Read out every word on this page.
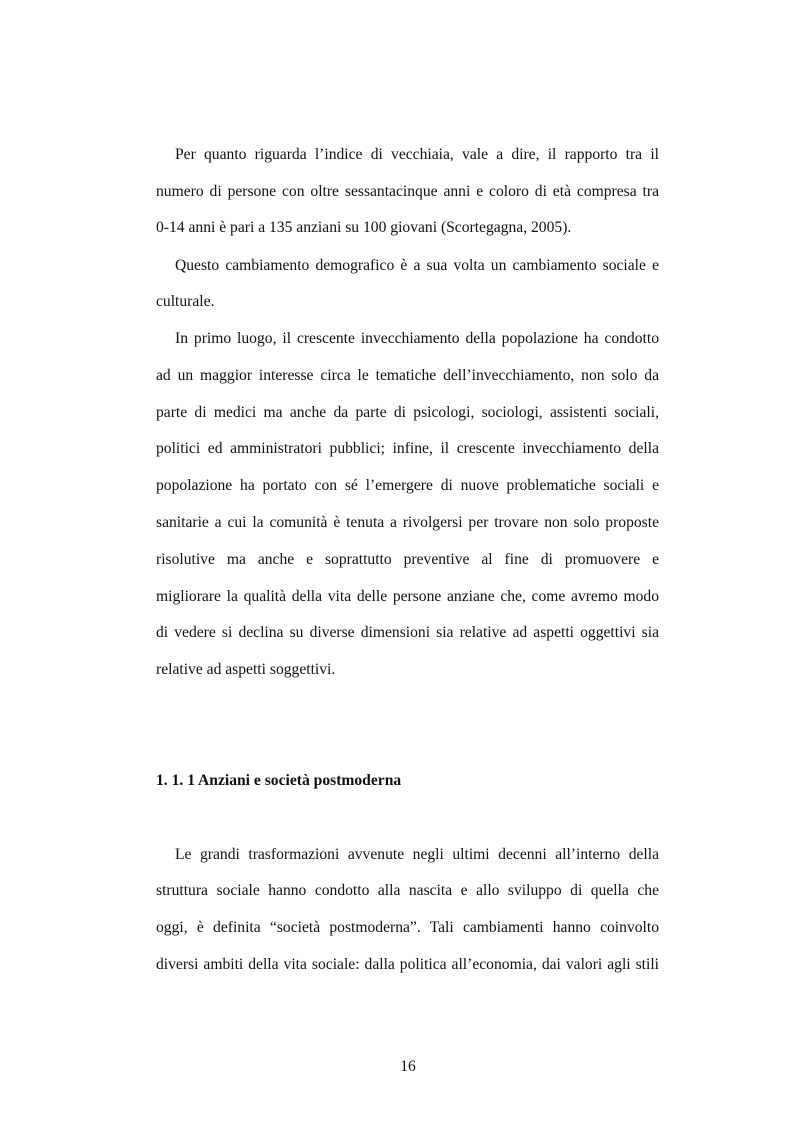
Per quanto riguarda l’indice di vecchiaia, vale a dire, il rapporto tra il
numero di persone con oltre sessantacinque anni e coloro di età compresa tra
0-14 anni è pari a 135 anziani su 100 giovani (Scortegagna, 2005).
Questo cambiamento demografico è a sua volta un cambiamento sociale e
culturale.
In primo luogo, il crescente invecchiamento della popolazione ha condotto
ad un maggior interesse circa le tematiche dell’invecchiamento, non solo da
parte di medici ma anche da parte di psicologi, sociologi, assistenti sociali,
politici ed amministratori pubblici; infine, il crescente invecchiamento della
popolazione ha portato con sé l’emergere di nuove problematiche sociali e
sanitarie a cui la comunità è tenuta a rivolgersi per trovare non solo proposte
risolutive ma anche e soprattutto preventive al fine di promuovere e
migliorare la qualità della vita delle persone anziane che, come avremo modo
di vedere si declina su diverse dimensioni sia relative ad aspetti oggettivi sia
relative ad aspetti soggettivi.
1. 1. 1 Anziani e società postmoderna
Le grandi trasformazioni avvenute negli ultimi decenni all’interno della
struttura sociale hanno condotto alla nascita e allo sviluppo di quella che
oggi, è definita “società postmoderna”. Tali cambiamenti hanno coinvolto
diversi ambiti della vita sociale: dalla politica all’economia, dai valori agli stili
16
